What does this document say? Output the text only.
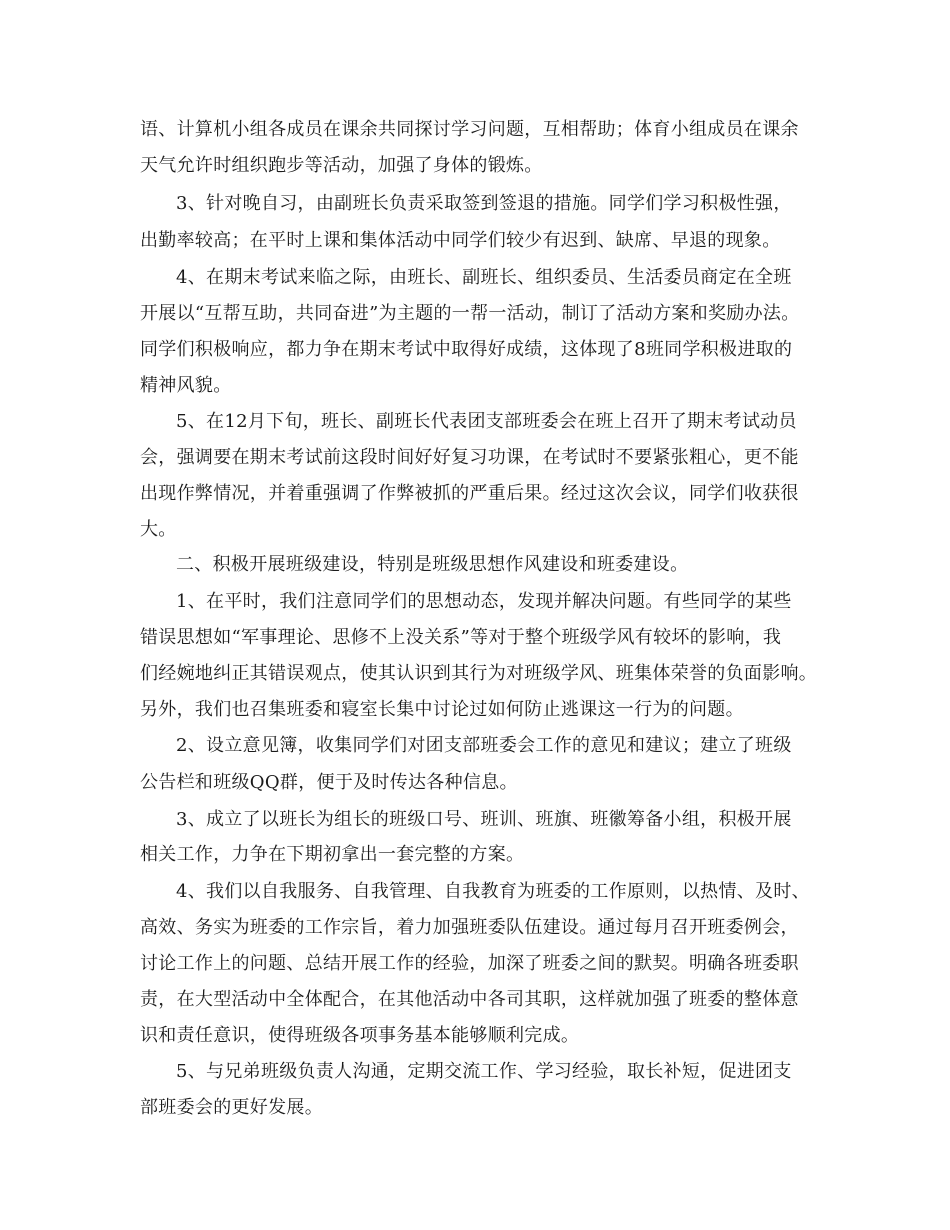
语、计算机小组各成员在课余共同探讨学习问题，互相帮助；体育小组成员在课余
天气允许时组织跑步等活动，加强了身体的锻炼。
3、针对晚自习，由副班长负责采取签到签退的措施。同学们学习积极性强，
出勤率较高；在平时上课和集体活动中同学们较少有迟到、缺席、早退的现象。
4、在期末考试来临之际，由班长、副班长、组织委员、生活委员商定在全班
开展以“互帮互助，共同奋进”为主题的一帮一活动，制订了活动方案和奖励办法。
同学们积极响应，都力争在期末考试中取得好成绩，这体现了8班同学积极进取的
精神风貌。
5、在12月下旬，班长、副班长代表团支部班委会在班上召开了期末考试动员
会，强调要在期末考试前这段时间好好复习功课，在考试时不要紧张粗心，更不能
出现作弊情况，并着重强调了作弊被抓的严重后果。经过这次会议，同学们收获很
大。
二、积极开展班级建设，特别是班级思想作风建设和班委建设。
1、在平时，我们注意同学们的思想动态，发现并解决问题。有些同学的某些
错误思想如“军事理论、思修不上没关系”等对于整个班级学风有较坏的影响，我
们经婉地纠正其错误观点，使其认识到其行为对班级学风、班集体荣誉的负面影响。
另外，我们也召集班委和寝室长集中讨论过如何防止逃课这一行为的问题。
2、设立意见簿，收集同学们对团支部班委会工作的意见和建议；建立了班级
公告栏和班级QQ群，便于及时传达各种信息。
3、成立了以班长为组长的班级口号、班训、班旗、班徽筹备小组，积极开展
相关工作，力争在下期初拿出一套完整的方案。
4、我们以自我服务、自我管理、自我教育为班委的工作原则，以热情、及时、
高效、务实为班委的工作宗旨，着力加强班委队伍建设。通过每月召开班委例会，
讨论工作上的问题、总结开展工作的经验，加深了班委之间的默契。明确各班委职
责，在大型活动中全体配合，在其他活动中各司其职，这样就加强了班委的整体意
识和责任意识，使得班级各项事务基本能够顺利完成。
5、与兄弟班级负责人沟通，定期交流工作、学习经验，取长补短，促进团支
部班委会的更好发展。
